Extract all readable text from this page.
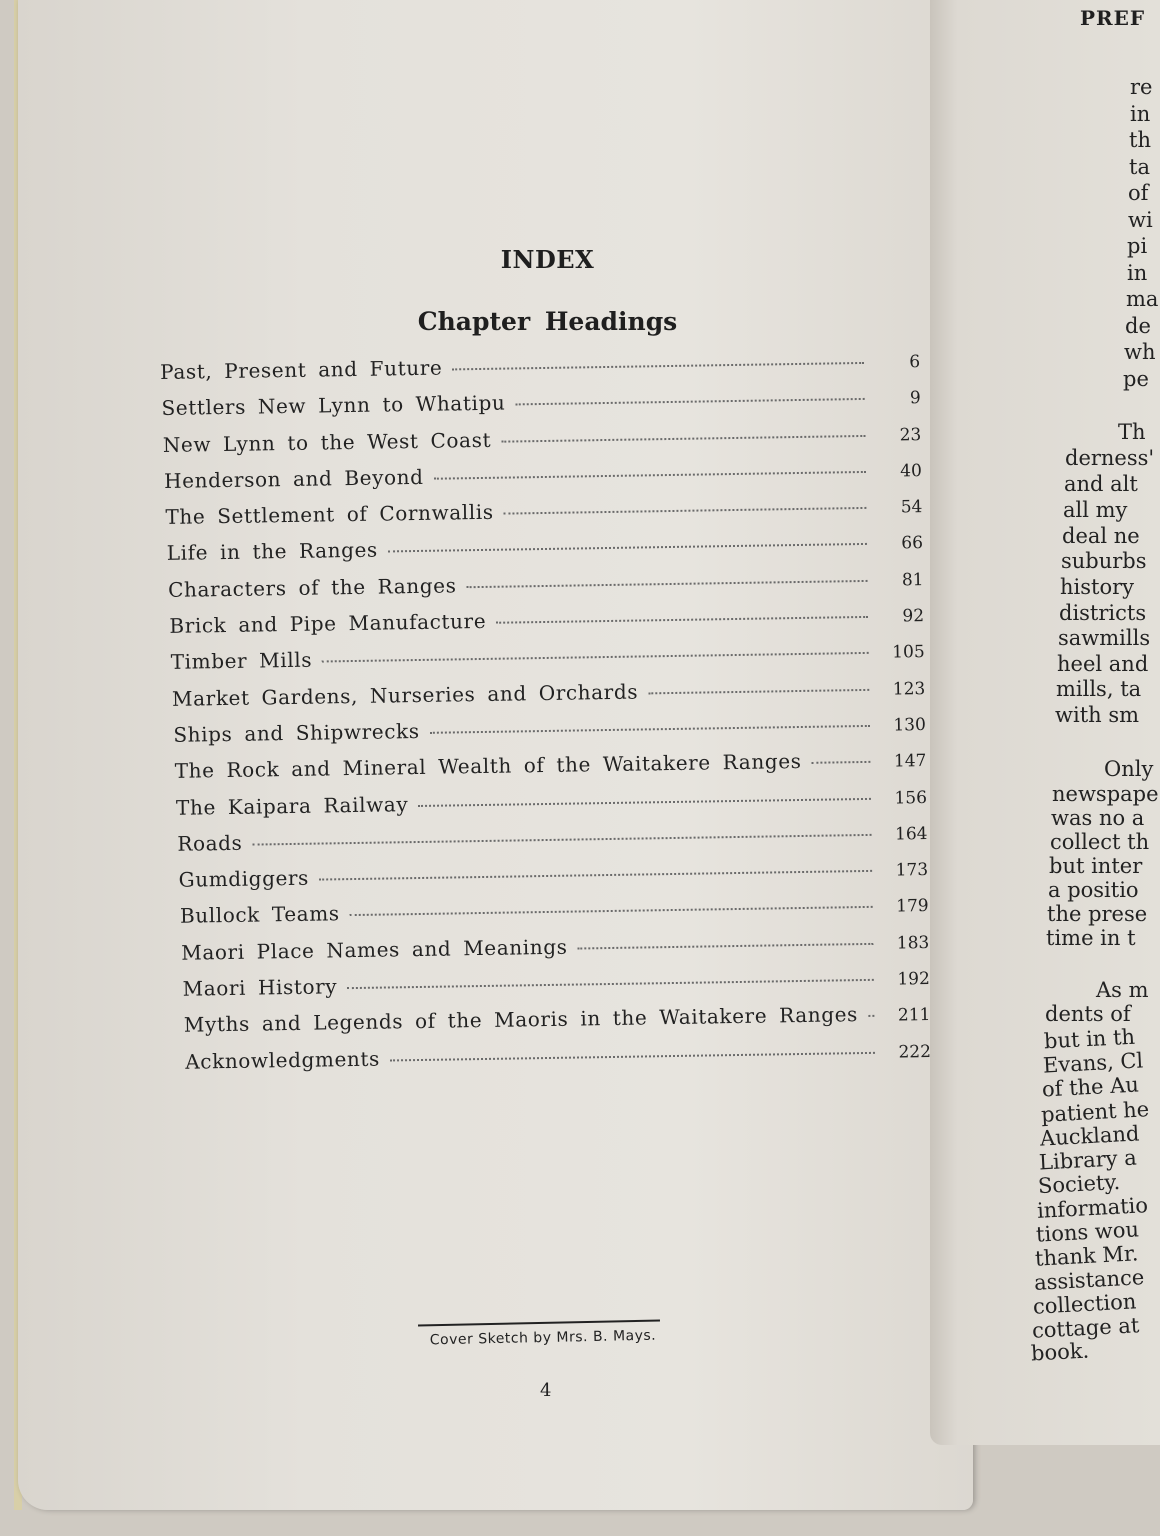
INDEX
Chapter Headings
Past, Present and Future	6
Settlers New Lynn to Whatipu	9
New Lynn to the West Coast	23
Henderson and Beyond	40
The Settlement of Cornwallis	54
Life in the Ranges	66
Characters of the Ranges	81
Brick and Pipe Manufacture	92
Timber Mills	105
Market Gardens, Nurseries and Orchards	123
Ships and Shipwrecks	130
The Rock and Mineral Wealth of the Waitakere Ranges	147
The Kaipara Railway	156
Roads	164
Gumdiggers	173
Bullock Teams	179
Maori Place Names and Meanings	183
Maori History	192
Myths and Legends of the Maoris in the Waitakere Ranges	211
Acknowledgments	222
Cover Sketch by Mrs. B. Mays.
4
PREF
re
in
th
ta
of
wi
pi
in
ma
de
wh
pe
Th
derness'
and alt
all my
deal ne
suburbs
history
districts
sawmills
heel and
mills, ta
with sm
Only
newspape
was no a
collect th
but inter
a positio
the prese
time in t
As m
dents of
but in th
Evans, Cl
of the Au
patient he
Auckland
Library a
Society.
informatio
tions wou
thank Mr.
assistance
collection
cottage at
book.
